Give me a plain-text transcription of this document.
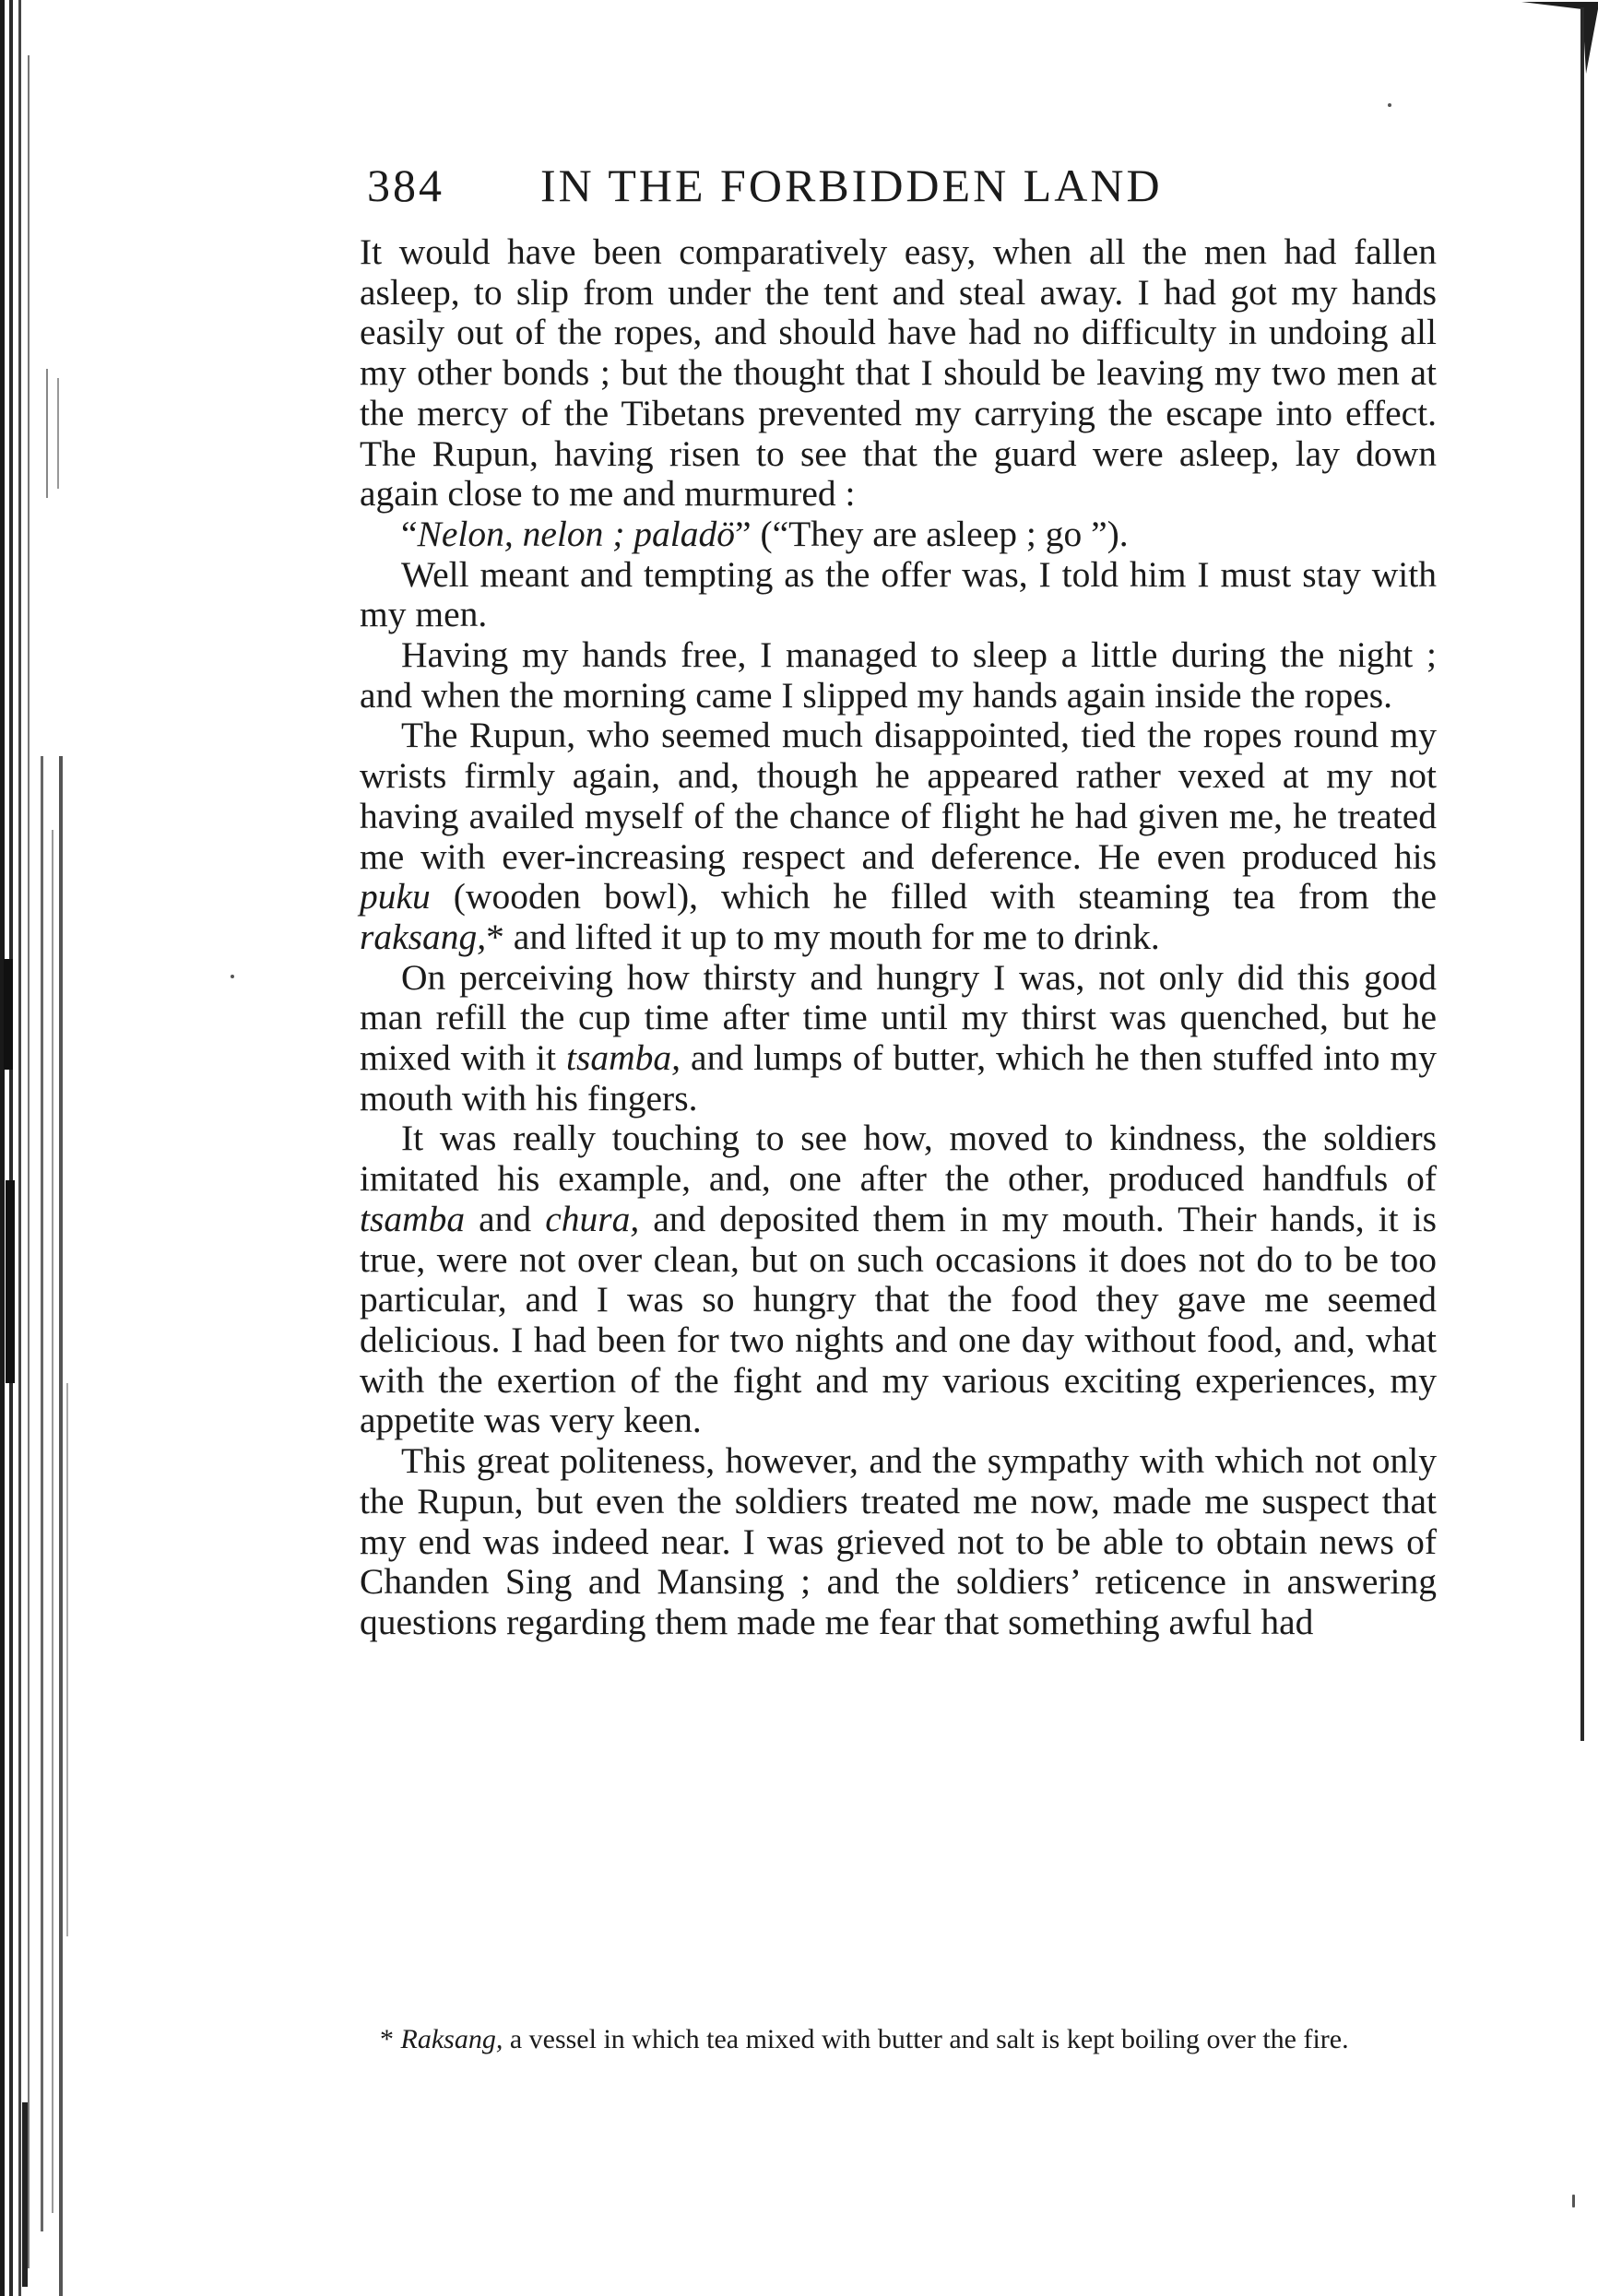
384 IN THE FORBIDDEN LAND

It would have been comparatively easy, when all the men had fallen asleep, to slip from under the tent and steal away. I had got my hands easily out of the ropes, and should have had no difficulty in undoing all my other bonds ; but the thought that I should be leaving my two men at the mercy of the Tibetans prevented my carrying the escape into effect. The Rupun, having risen to see that the guard were asleep, lay down again close to me and murmured :

“Nelon, nelon ; paladö” (“They are asleep ; go ”).

Well meant and tempting as the offer was, I told him I must stay with my men.

Having my hands free, I managed to sleep a little during the night ; and when the morning came I slipped my hands again inside the ropes.

The Rupun, who seemed much disappointed, tied the ropes round my wrists firmly again, and, though he appeared rather vexed at my not having availed myself of the chance of flight he had given me, he treated me with ever-increasing respect and deference. He even produced his puku (wooden bowl), which he filled with steaming tea from the raksang,* and lifted it up to my mouth for me to drink.

On perceiving how thirsty and hungry I was, not only did this good man refill the cup time after time until my thirst was quenched, but he mixed with it tsamba, and lumps of butter, which he then stuffed into my mouth with his fingers.

It was really touching to see how, moved to kindness, the soldiers imitated his example, and, one after the other, produced handfuls of tsamba and chura, and deposited them in my mouth. Their hands, it is true, were not over clean, but on such occasions it does not do to be too particular, and I was so hungry that the food they gave me seemed delicious. I had been for two nights and one day without food, and, what with the exertion of the fight and my various exciting experiences, my appetite was very keen.

This great politeness, however, and the sympathy with which not only the Rupun, but even the soldiers treated me now, made me suspect that my end was indeed near. I was grieved not to be able to obtain news of Chanden Sing and Mansing ; and the soldiers’ reticence in answering questions regarding them made me fear that something awful had

* Raksang, a vessel in which tea mixed with butter and salt is kept boiling over the fire.
